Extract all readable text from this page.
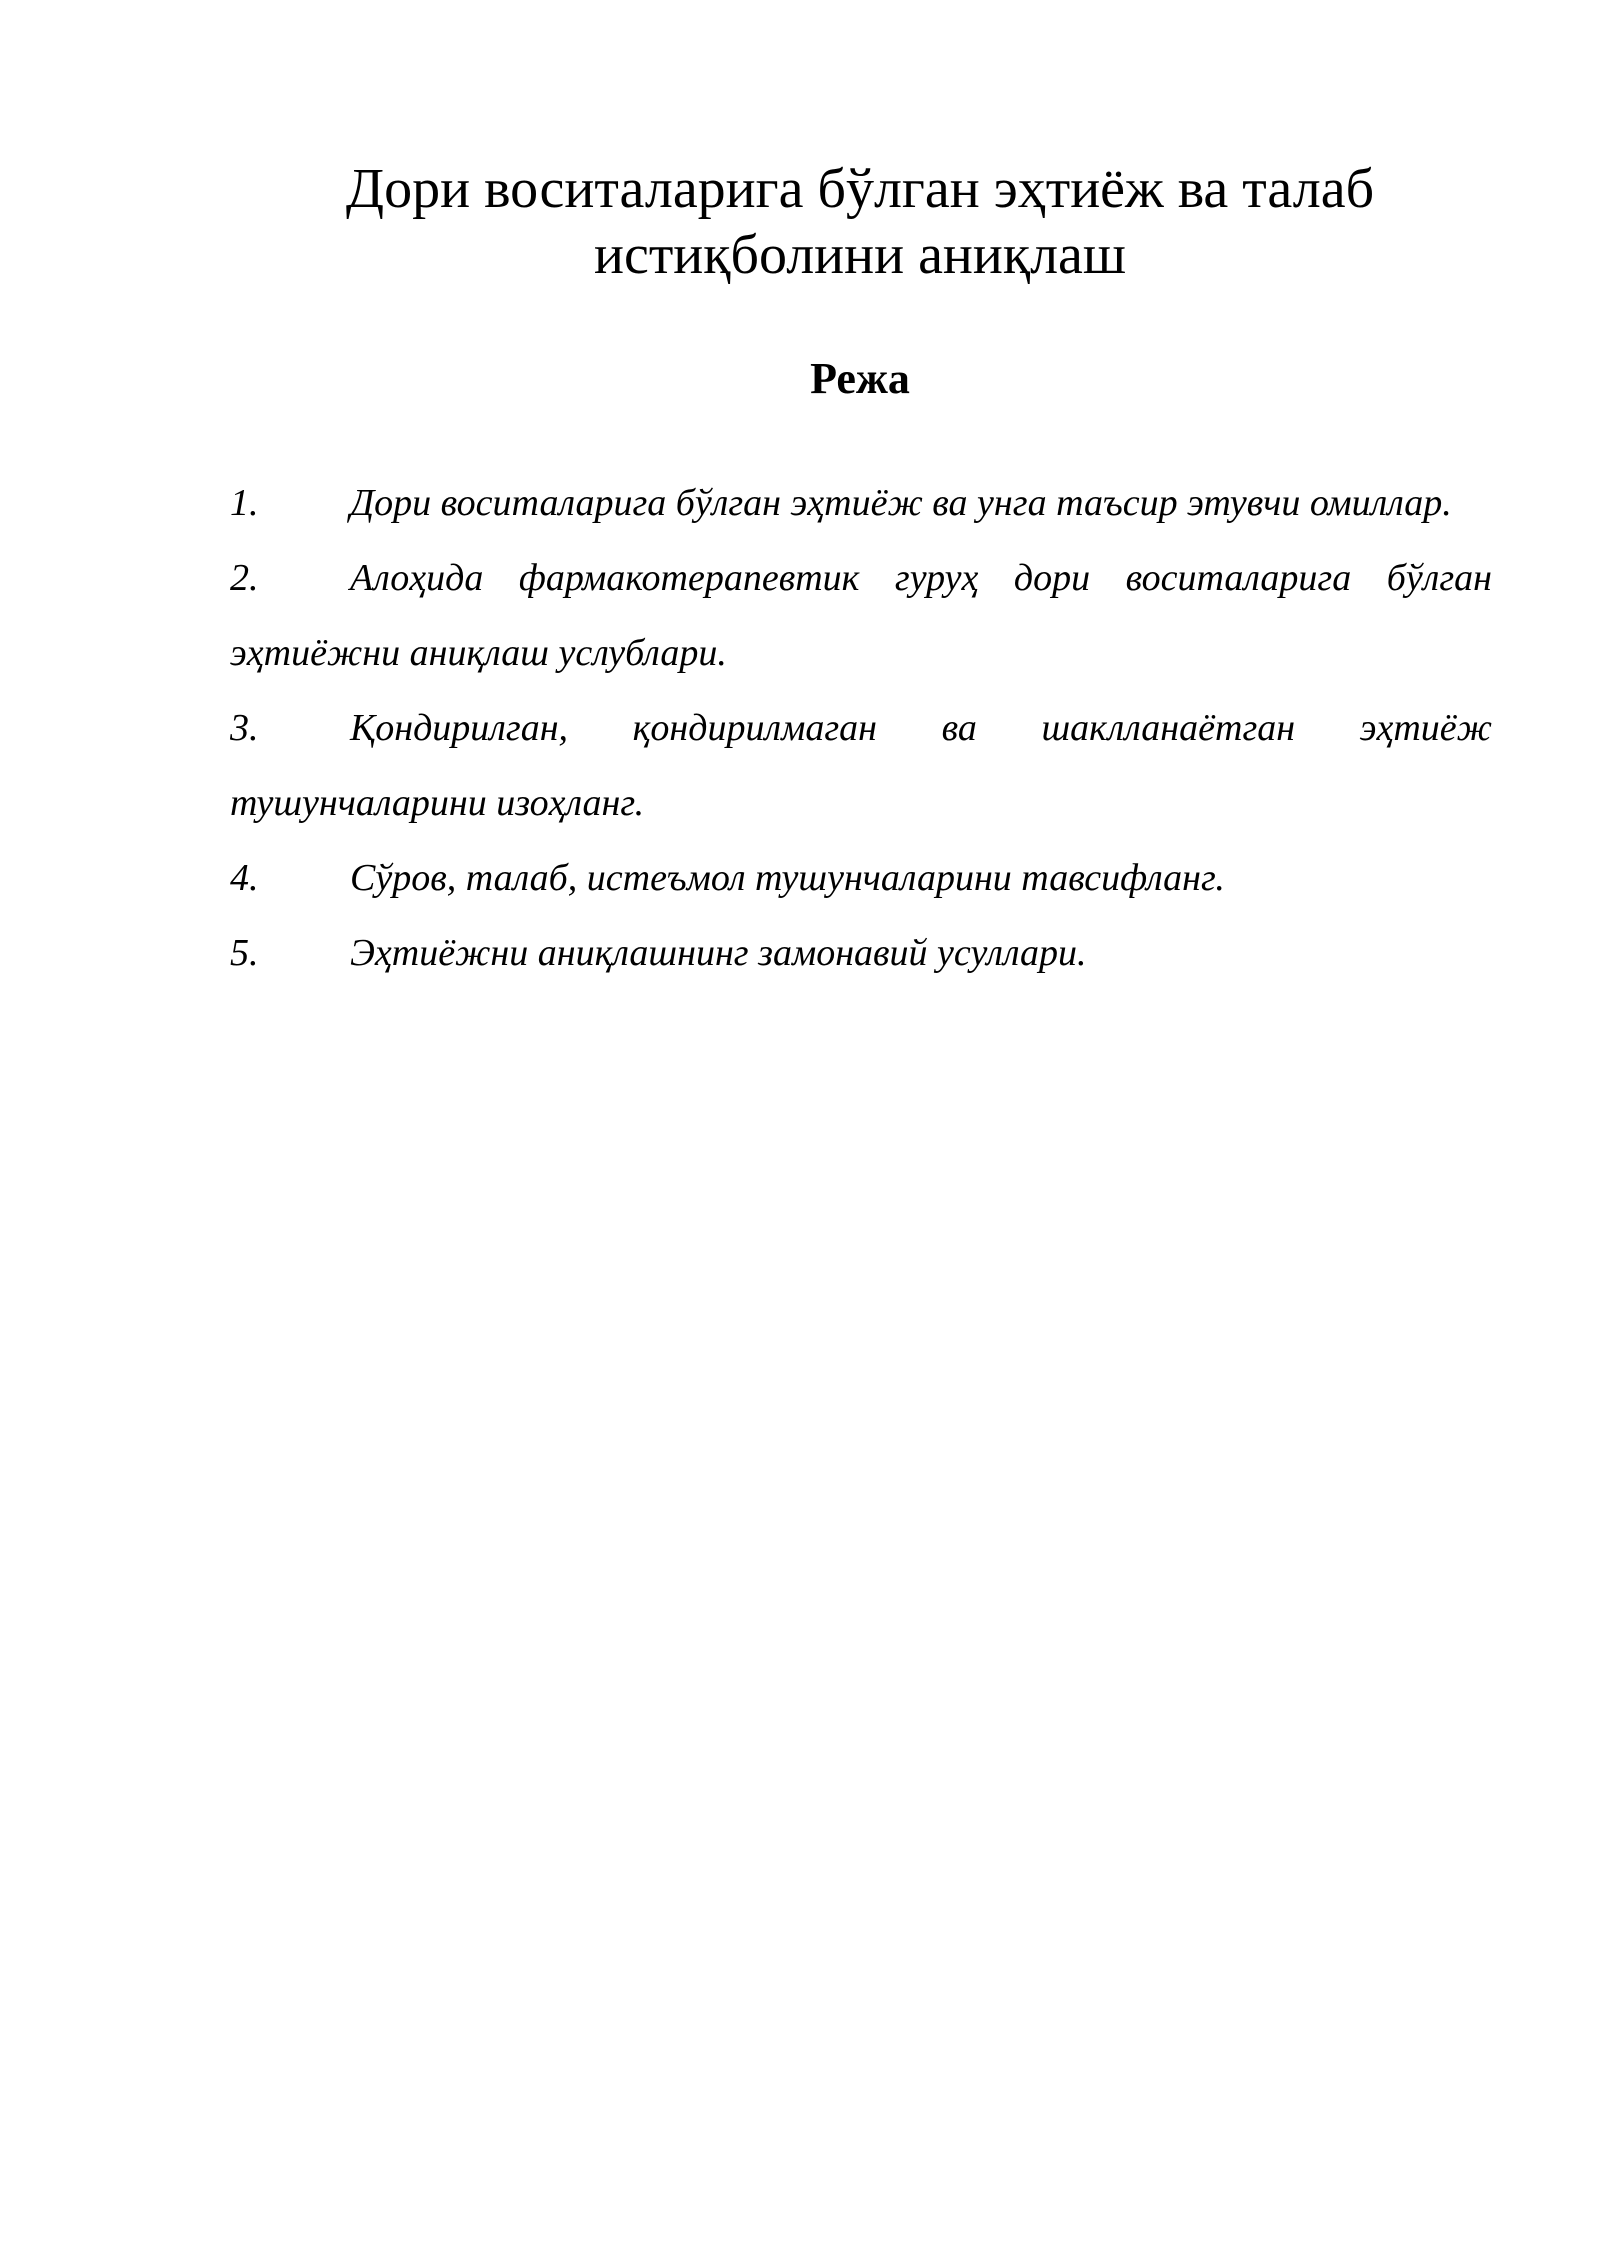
Дори воситаларига бўлган эҳтиёж ва талаб
истиқболини аниқлаш
Режа
1. Дори воситаларига бўлган эҳтиёж ва унга таъсир этувчи омиллар.
2. Алоҳида фармакотерапевтик гуруҳ дори воситаларига бўлган эҳтиёжни аниқлаш услублари.
3. Қондирилган, қондирилмаган ва шаклланаётган эҳтиёж тушунчаларини изоҳланг.
4. Сўров, талаб, истеъмол тушунчаларини тавсифланг.
5. Эҳтиёжни аниқлашнинг замонавий усуллари.
